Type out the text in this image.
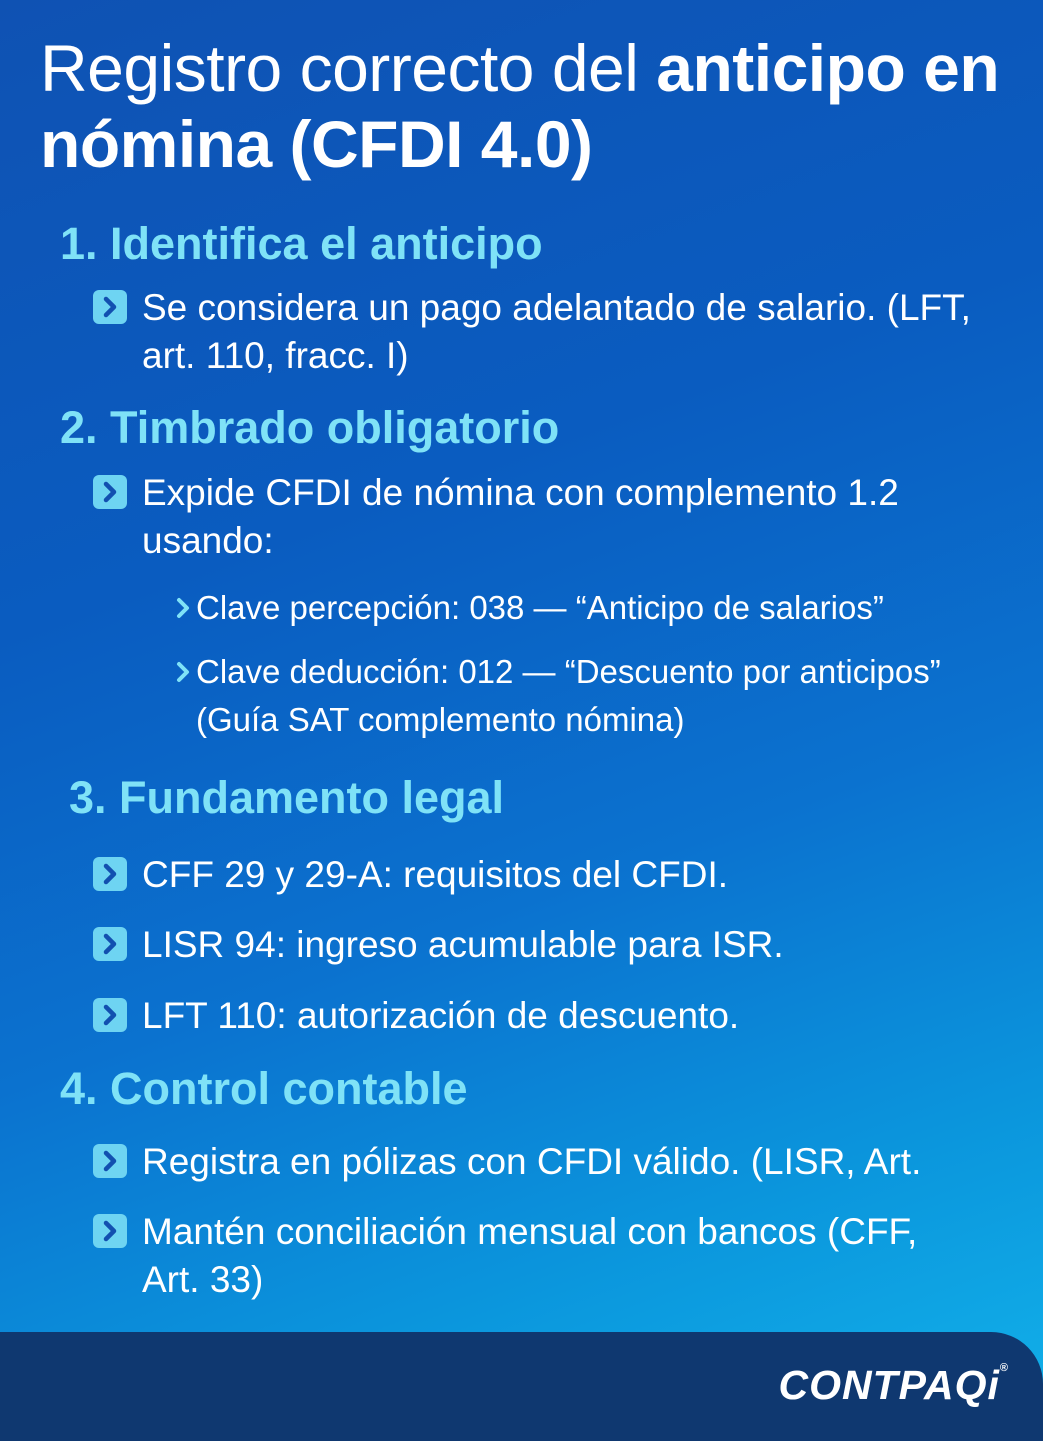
Registro correcto del anticipo en nómina (CFDI 4.0)
1. Identifica el anticipo
Se considera un pago adelantado de salario. (LFT, art. 110, fracc. I)
2. Timbrado obligatorio
Expide CFDI de nómina con complemento 1.2 usando:
Clave percepción: 038 — “Anticipo de salarios”
Clave deducción: 012 — “Descuento por anticipos” (Guía SAT complemento nómina)
3. Fundamento legal
CFF 29 y 29-A: requisitos del CFDI.
LISR 94: ingreso acumulable para ISR.
LFT 110: autorización de descuento.
4. Control contable
Registra en pólizas con CFDI válido. (LISR, Art.
Mantén conciliación mensual con bancos (CFF, Art. 33)
CONTPAQi®
